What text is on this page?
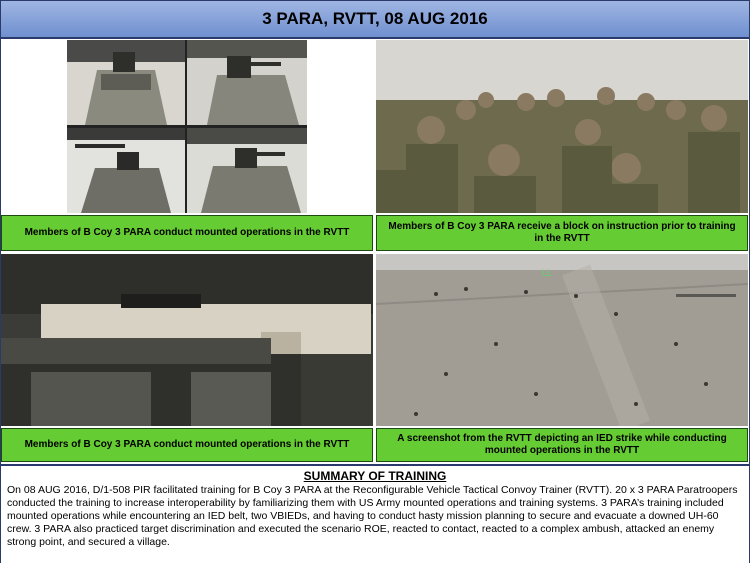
3 PARA, RVTT, 08 AUG 2016
Members of B Coy 3 PARA conduct mounted operations in the RVTT
Members of B Coy 3 PARA receive a block on instruction prior to training in the RVTT
ĿĿ
Members of B Coy 3 PARA conduct mounted operations in the RVTT
A screenshot from the RVTT depicting an IED strike while conducting mounted operations in the RVTT
SUMMARY OF TRAINING
On 08 AUG 2016, D/1-508 PIR facilitated training for B Coy 3 PARA at the Reconfigurable Vehicle Tactical Convoy Trainer (RVTT). 20 x 3 PARA Paratroopers conducted the training to increase interoperability by familiarizing them with US Army mounted operations and training systems. 3 PARA’s training included mounted operations while encountering an IED belt, two VBIEDs, and having to conduct hasty mission planning to secure and evacuate a downed UH-60 crew. 3 PARA also practiced target discrimination and executed the scenario ROE, reacted to contact, reacted to a complex ambush, attacked an enemy strong point, and secured a village.
